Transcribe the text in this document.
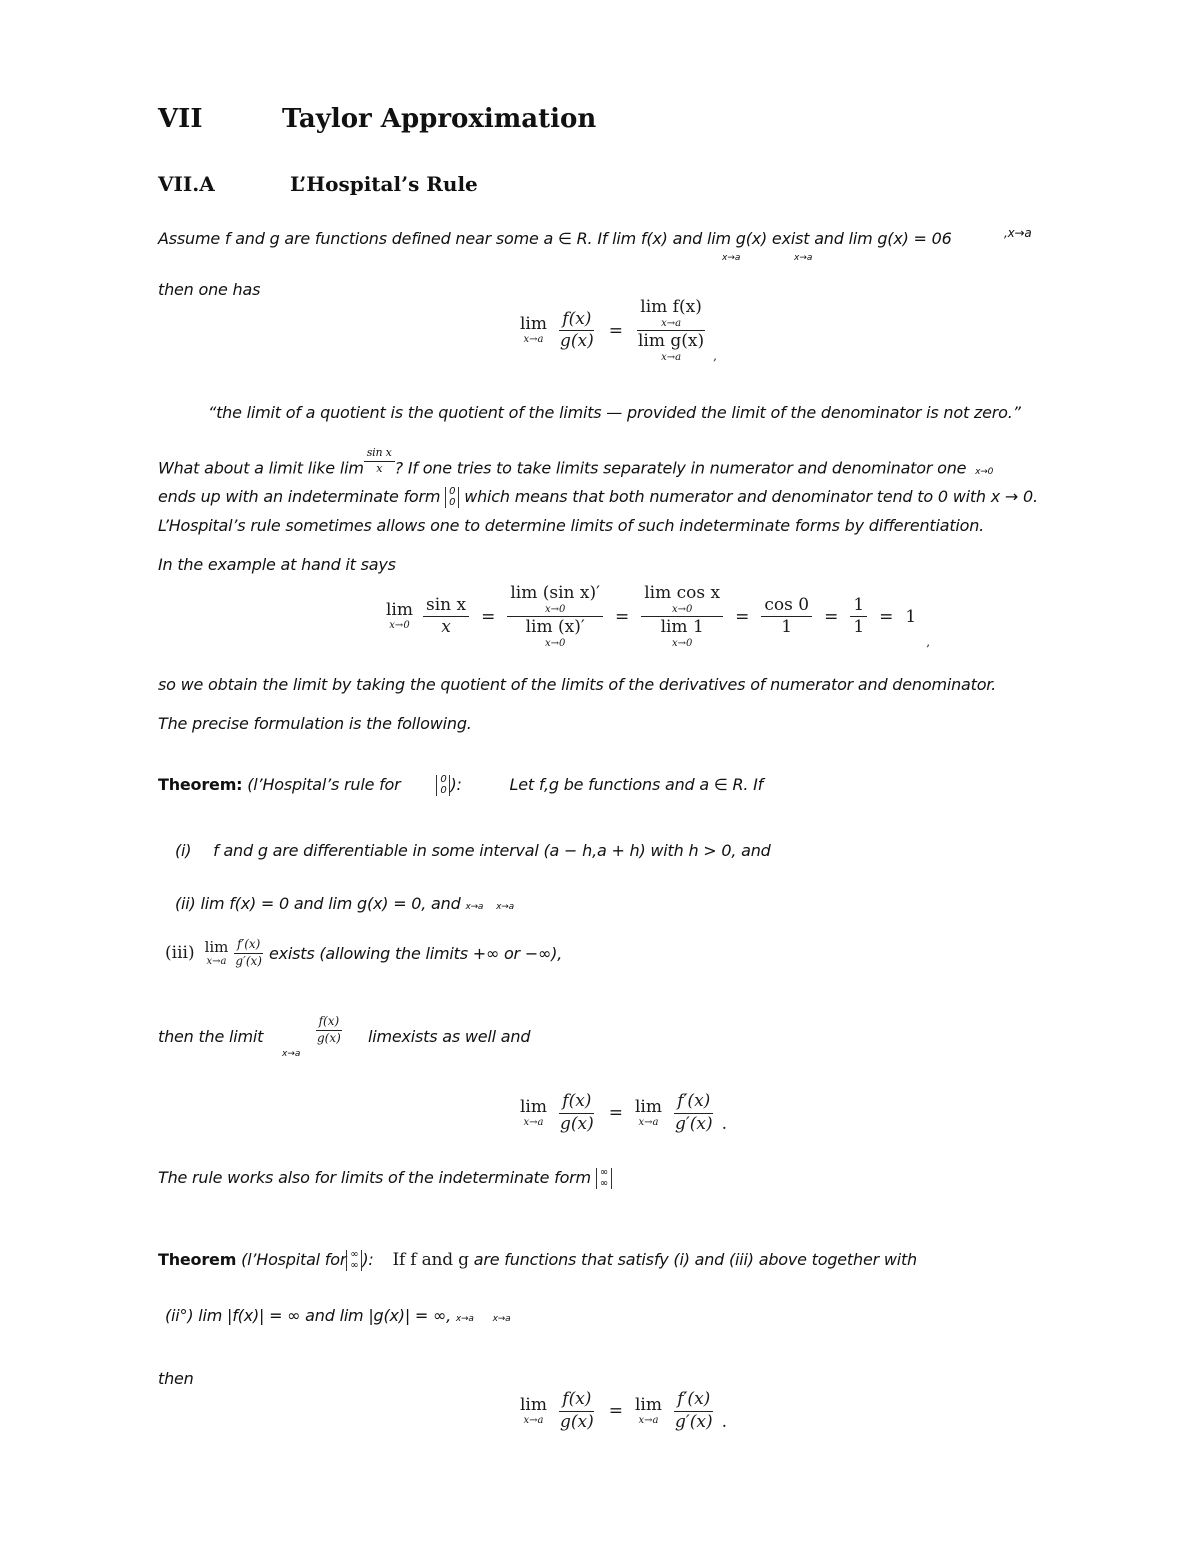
VII	Taylor Approximation
VII.A	L’Hospital’s Rule
Assume f and g are functions defined near some a ∈ R. If lim f(x) and lim g(x) exist and lim g(x) = 06	,x→a
x→a	x→a
then one has
lim
$x\to a \frac{f(x)}{g(x)} = \lim f(x)$
x→a
lim g(x)
x→a ,
“the limit of a quotient is the quotient of the limits — provided the limit of the denominator is not zero.”
What about a limit like $\lim \frac{\text{sin x}}{x}$ ? If one tries to take limits separately in numerator and denominator one x→0
ends up with an indeterminate form 0
0 which means that both numerator and denominator tend to 0 with x → 0.
L’Hospital’s rule sometimes allows one to determine limits of such indeterminate forms by differentiation.
In the example at hand it says
lim
$x\to 0 \frac{\text{sin x}}{x} = \lim (\sin$ x)′
x→0
lim (x)′
x→0 = lim cos x
x→0
lim 1
$x\to 0 = \frac{\cos 0}{1} = \frac{1}{1} = 1$
,
so we obtain the limit by taking the quotient of the limits of the derivatives of numerator and denominator.
The precise formulation is the following.
Theorem: (l’Hospital’s rule for	0
0 ):	Let f,g be functions and a ∈ R. If
(i) f and g are differentiable in some interval (a − h,a + h) with h > 0, and
(ii) lim f(x) = 0 and lim g(x) = 0, and x→a x→a
(iii) lim
$x\to a \frac{f'(x)}{g'(x)}$ exists (allowing the limits +∞ or −∞),
then the limit	$\frac{f(x)}{g(x)}$
x→a
limexists as well and
lim
$x\to a \frac{f(x)}{g(x)} = \lim$
$x\to a \frac{f'(x)}{g'(x)}$ .
The rule works also for limits of the indeterminate form ∞
∞
Theorem (l’Hospital for ∞
∞ ): If f and g are functions that satisfy (i) and (iii) above together with
(ii°) lim |f(x)| = ∞ and lim |g(x)| = ∞, x→a x→a
then
lim
$x\to a \frac{f(x)}{g(x)} = \lim$
$x\to a \frac{f'(x)}{g'(x)}$ .
